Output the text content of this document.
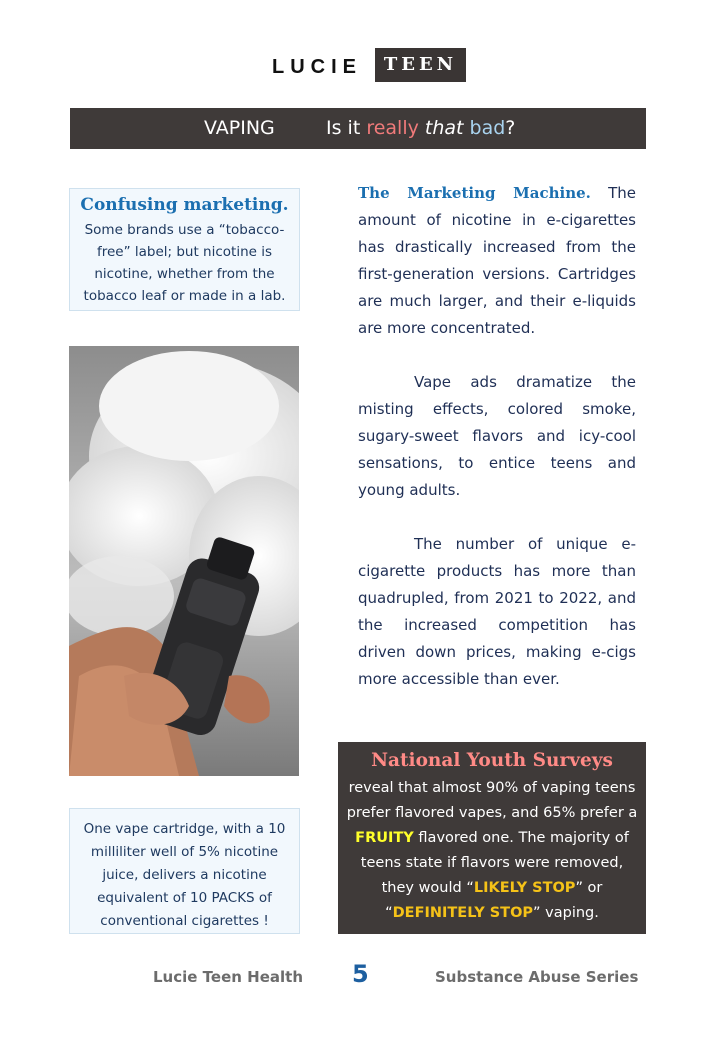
LUCIE	TEEN
VAPING	Is it really that bad?
Confusing marketing.
Some brands use a “tobacco-free” label; but nicotine is nicotine, whether from the tobacco leaf or made in a lab.

The Marketing Machine. The amount of nicotine in e-cigarettes has drastically increased from the first-generation versions. Cartridges are much larger, and their e-liquids are more concentrated.

Vape ads dramatize the misting effects, colored smoke, sugary-sweet flavors and icy-cool sensations, to entice teens and young adults.

The number of unique e-cigarette products has more than quadrupled, from 2021 to 2022, and the increased competition has driven down prices, making e-cigs more accessible than ever.

National Youth Surveys
reveal that almost 90% of vaping teens prefer flavored vapes, and 65% prefer a FRUITY flavored one. The majority of teens state if flavors were removed, they would “LIKELY STOP” or “DEFINITELY STOP” vaping.
One vape cartridge, with a 10 milliliter well of 5% nicotine juice, delivers a nicotine equivalent of 10 PACKS of conventional cigarettes !
Lucie Teen Health 5	Substance Abuse Series
